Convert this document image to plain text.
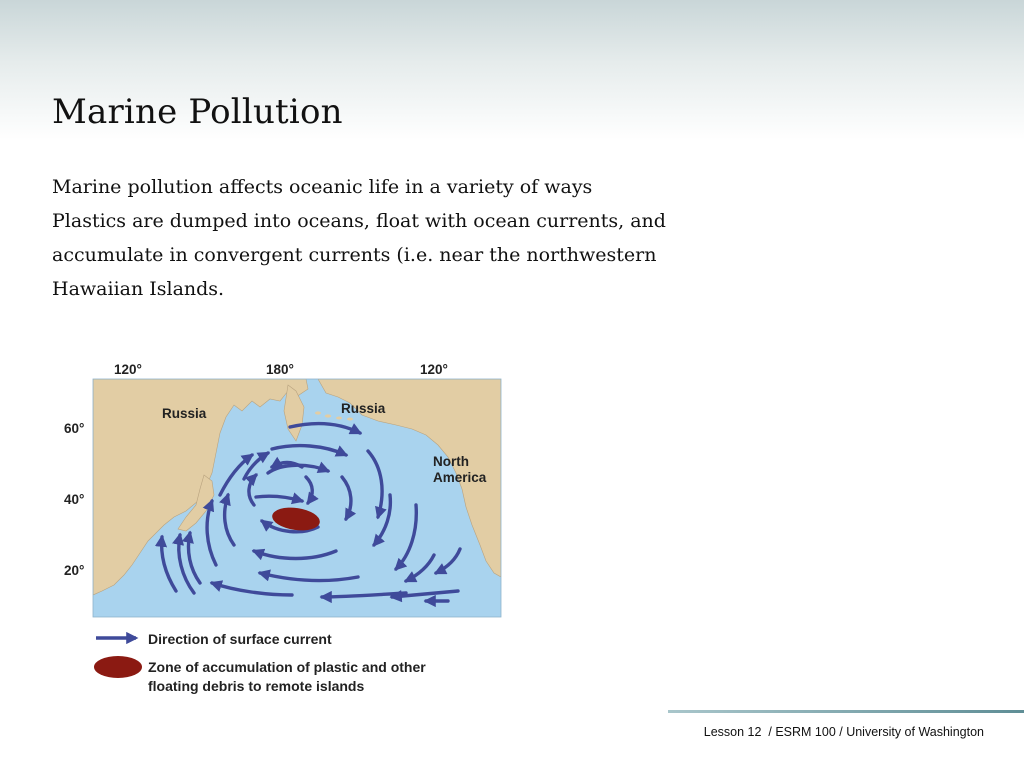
Marine Pollution

Marine pollution affects oceanic life in a variety of ways

Plastics are dumped into oceans, float with ocean currents, and accumulate in convergent currents (i.e. near the northwestern Hawaiian Islands.

Russia	Russia
North
America
120°	180°	120°
60°
40°
20°
Direction of surface current
Zone of accumulation of plastic and other
floating debris to remote islands
Lesson 12  / ESRM 100 / University of Washington
